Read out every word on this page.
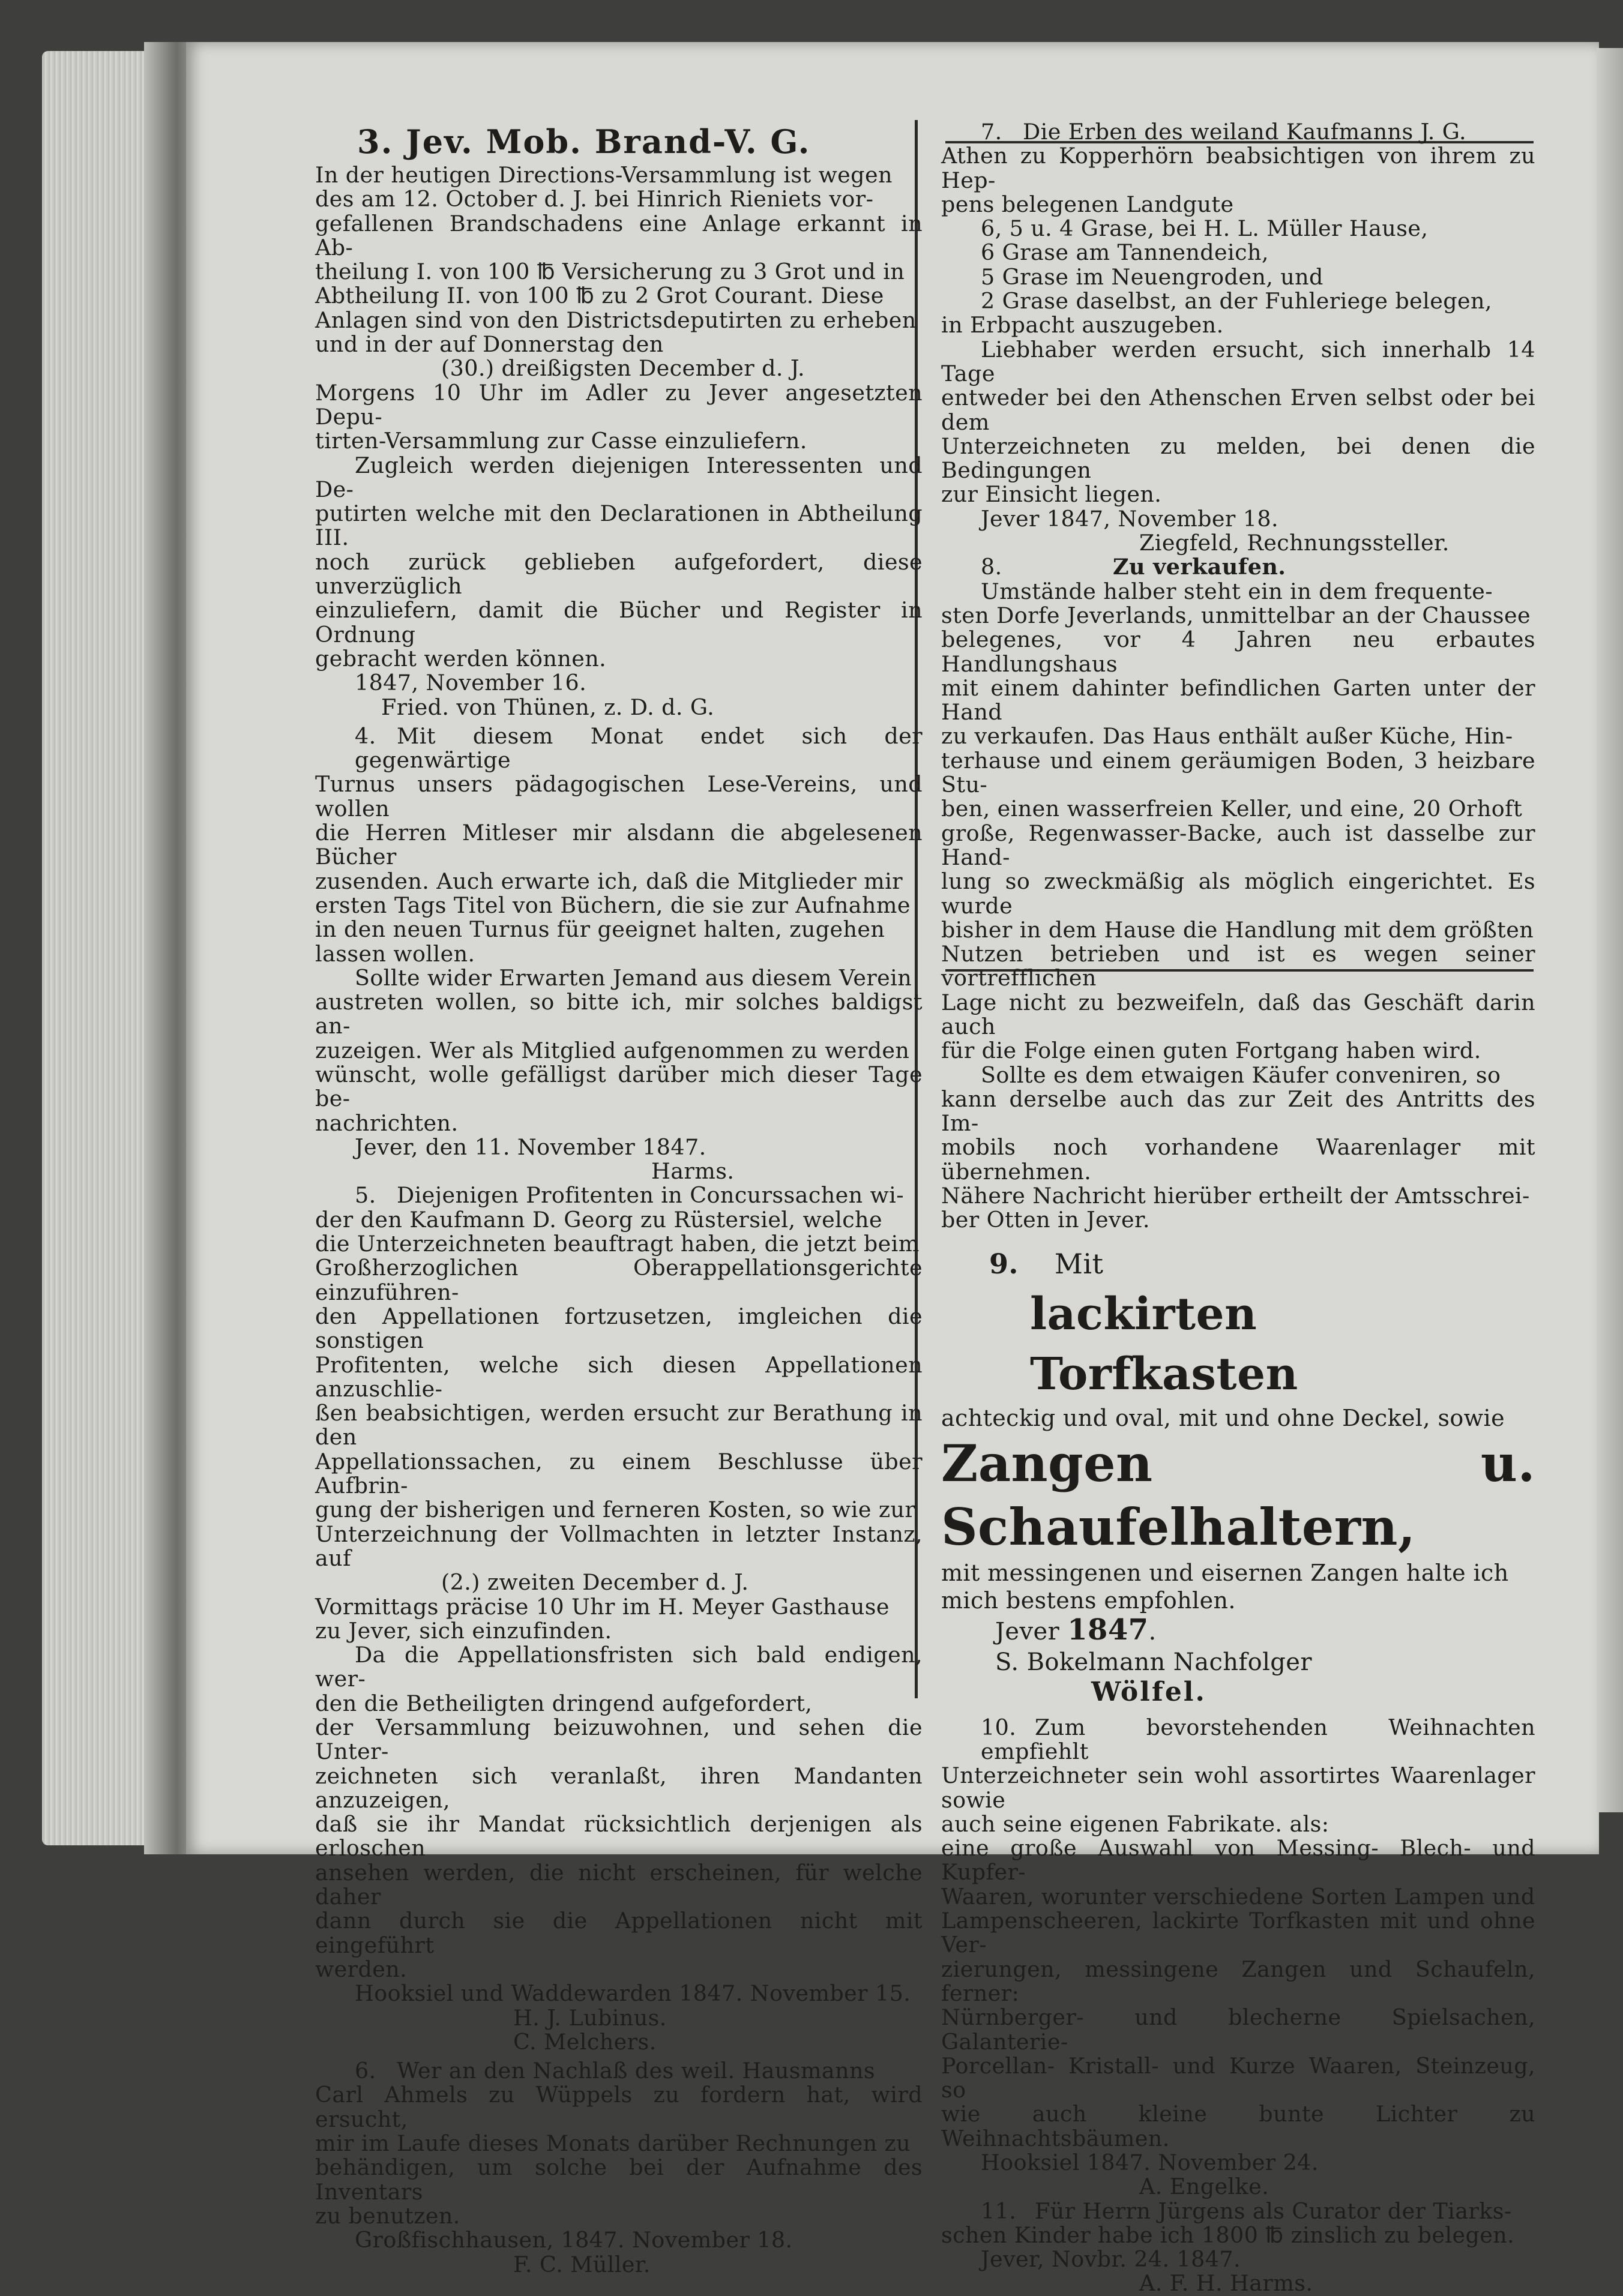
3. Jev. Mob. Brand-V. G.

In der heutigen Directions-Versammlung ist wegen

des am 12. October d. J. bei Hinrich Rieniets vor-

gefallenen Brandschadens eine Anlage erkannt in Ab-

theilung I. von 100 ℔ Versicherung zu 3 Grot und in

Abtheilung II. von 100 ℔ zu 2 Grot Courant. Diese

Anlagen sind von den Districtsdeputirten zu erheben

und in der auf Donnerstag den

(30.) dreißigsten December d. J.

Morgens 10 Uhr im Adler zu Jever angesetzten Depu-

tirten-Versammlung zur Casse einzuliefern.

Zugleich werden diejenigen Interessenten und De-

putirten welche mit den Declarationen in Abtheilung III.

noch zurück geblieben aufgefordert, diese unverzüglich

einzuliefern, damit die Bücher und Register in Ordnung

gebracht werden können.

1847, November 16.

Fried. von Thünen, z. D. d. G.

4. Mit diesem Monat endet sich der gegenwärtige

Turnus unsers pädagogischen Lese-Vereins, und wollen

die Herren Mitleser mir alsdann die abgelesenen Bücher

zusenden. Auch erwarte ich, daß die Mitglieder mir

ersten Tags Titel von Büchern, die sie zur Aufnahme

in den neuen Turnus für geeignet halten, zugehen

lassen wollen.

Sollte wider Erwarten Jemand aus diesem Verein

austreten wollen, so bitte ich, mir solches baldigst an-

zuzeigen. Wer als Mitglied aufgenommen zu werden

wünscht, wolle gefälligst darüber mich dieser Tage be-

nachrichten.

Jever, den 11. November 1847.

Harms.

5. Diejenigen Profitenten in Concurssachen wi-

der den Kaufmann D. Georg zu Rüstersiel, welche

die Unterzeichneten beauftragt haben, die jetzt beim

Großherzoglichen Oberappellationsgerichte einzuführen-

den Appellationen fortzusetzen, imgleichen die sonstigen

Profitenten, welche sich diesen Appellationen anzuschlie-

ßen beabsichtigen, werden ersucht zur Berathung in den

Appellationssachen, zu einem Beschlusse über Aufbrin-

gung der bisherigen und ferneren Kosten, so wie zur

Unterzeichnung der Vollmachten in letzter Instanz, auf

(2.) zweiten December d. J.

Vormittags präcise 10 Uhr im H. Meyer Gasthause

zu Jever, sich einzufinden.

Da die Appellationsfristen sich bald endigen, wer-

den die Betheiligten dringend aufgefordert,

der Versammlung beizuwohnen, und sehen die Unter-

zeichneten sich veranlaßt, ihren Mandanten anzuzeigen,

daß sie ihr Mandat rücksichtlich derjenigen als erloschen

ansehen werden, die nicht erscheinen, für welche daher

dann durch sie die Appellationen nicht mit eingeführt

werden.

Hooksiel und Waddewarden 1847. November 15.

H. J. Lubinus.

C. Melchers.

6. Wer an den Nachlaß des weil. Hausmanns

Carl Ahmels zu Wüppels zu fordern hat, wird ersucht,

mir im Laufe dieses Monats darüber Rechnungen zu

behändigen, um solche bei der Aufnahme des Inventars

zu benutzen.

Großfischhausen, 1847. November 18.

F. C. Müller.

7. Die Erben des weiland Kaufmanns J. G.

Athen zu Kopperhörn beabsichtigen von ihrem zu Hep-

pens belegenen Landgute

6, 5 u. 4 Grase, bei H. L. Müller Hause,

6 Grase am Tannendeich,

5 Grase im Neuengroden, und

2 Grase daselbst, an der Fuhleriege belegen,

in Erbpacht auszugeben.

Liebhaber werden ersucht, sich innerhalb 14 Tage

entweder bei den Athenschen Erven selbst oder bei dem

Unterzeichneten zu melden, bei denen die Bedingungen

zur Einsicht liegen.

Jever 1847, November 18.

Ziegfeld, Rechnungssteller.

8.	Zu verkaufen.

Umstände halber steht ein in dem frequente-

sten Dorfe Jeverlands, unmittelbar an der Chaussee

belegenes, vor 4 Jahren neu erbautes Handlungshaus

mit einem dahinter befindlichen Garten unter der Hand

zu verkaufen. Das Haus enthält außer Küche, Hin-

terhause und einem geräumigen Boden, 3 heizbare Stu-

ben, einen wasserfreien Keller, und eine, 20 Orhoft

große, Regenwasser-Backe, auch ist dasselbe zur Hand-

lung so zweckmäßig als möglich eingerichtet. Es wurde

bisher in dem Hause die Handlung mit dem größten

Nutzen betrieben und ist es wegen seiner vortrefflichen

Lage nicht zu bezweifeln, daß das Geschäft darin auch

für die Folge einen guten Fortgang haben wird.

Sollte es dem etwaigen Käufer conveniren, so

kann derselbe auch das zur Zeit des Antritts des Im-

mobils noch vorhandene Waarenlager mit übernehmen.

Nähere Nachricht hierüber ertheilt der Amtsschrei-

ber Otten in Jever.

9. Mit
lackirten Torfkasten
achteckig und oval, mit und ohne Deckel, sowie
Zangen u. Schaufelhaltern,
mit messingenen und eisernen Zangen halte ich
mich bestens empfohlen.
Jever 1847.
S. Bokelmann Nachfolger
Wölfel.

10. Zum bevorstehenden Weihnachten empfiehlt

Unterzeichneter sein wohl assortirtes Waarenlager sowie

auch seine eigenen Fabrikate. als:

eine große Auswahl von Messing- Blech- und Kupfer-

Waaren, worunter verschiedene Sorten Lampen und

Lampenscheeren, lackirte Torfkasten mit und ohne Ver-

zierungen, messingene Zangen und Schaufeln, ferner:

Nürnberger- und blecherne Spielsachen, Galanterie-

Porcellan- Kristall- und Kurze Waaren, Steinzeug, so

wie auch kleine bunte Lichter zu Weihnachtsbäumen.

Hooksiel 1847. November 24.

A. Engelke.

11. Für Herrn Jürgens als Curator der Tiarks-

schen Kinder habe ich 1800 ℔ zinslich zu belegen.

Jever, Novbr. 24. 1847.

A. F. H. Harms.
